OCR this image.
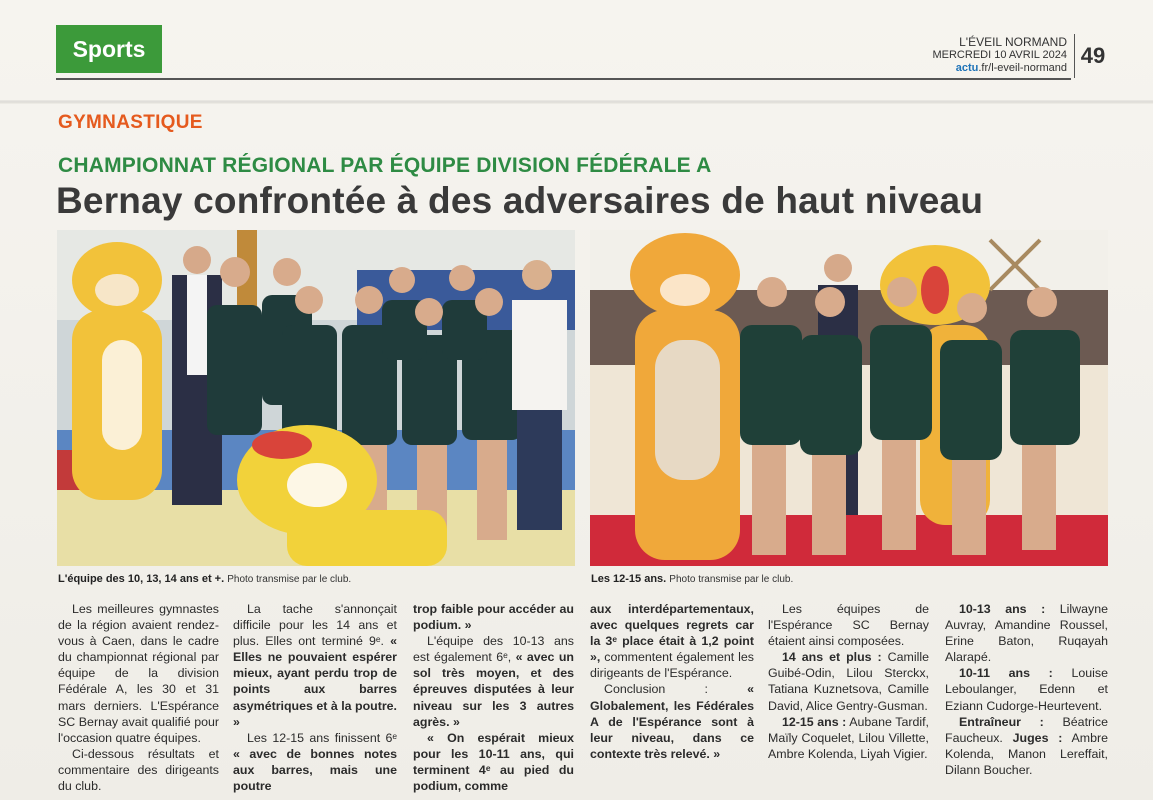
Sports	L'ÉVEIL NORMAND
MERCREDI 10 AVRIL 2024
actu.fr/l-eveil-normand 49
GYMNASTIQUE
CHAMPIONNAT RÉGIONAL PAR ÉQUIPE DIVISION FÉDÉRALE A
Bernay confrontée à des adversaires de haut niveau
L'équipe des 10, 13, 14 ans et +. Photo transmise par le club.	Les 12-15 ans. Photo transmise par le club.

Les meilleures gymnastes de la région avaient rendez-vous à Caen, dans le cadre du championnat régional par équipe de la division Fédérale A, les 30 et 31 mars derniers. L'Espérance SC Bernay avait qualifié pour l'occasion quatre équipes.

Ci-dessous résultats et commentaire des dirigeants du club.

La tache s'annonçait difficile pour les 14 ans et plus. Elles ont terminé 9ᵉ. « Elles ne pouvaient espérer mieux, ayant perdu trop de points aux barres asymétriques et à la poutre. »

Les 12-15 ans finissent 6ᵉ « avec de bonnes notes aux barres, mais une poutre

trop faible pour accéder au podium. »

L'équipe des 10-13 ans est également 6ᵉ, « avec un sol très moyen, et des épreuves disputées à leur niveau sur les 3 autres agrès. »

« On espérait mieux pour les 10-11 ans, qui terminent 4ᵉ au pied du podium, comme

aux interdépartementaux, avec quelques regrets car la 3ᵉ place était à 1,2 point », commentent également les dirigeants de l'Espérance.

Conclusion :	« Globalement, les Fédérales A de l'Espérance sont à leur niveau, dans ce contexte très relevé. »

Les équipes de l'Espérance SC Bernay étaient ainsi composées.

14 ans et plus : Camille Guibé-Odin, Lilou Sterckx, Tatiana Kuznetsova, Camille David, Alice Gentry-Gusman.

12-15 ans : Aubane Tardif, Maïly Coquelet, Lilou Villette, Ambre Kolenda, Liyah Vigier.

10-13 ans : Lilwayne Auvray, Amandine Roussel, Erine Baton, Ruqayah Alarapé.

10-11 ans : Louise Leboulanger, Edenn et Ezіann Cudorge-Heurtevent.

Entraîneur : Béatrice Faucheux. Juges : Ambre Kolenda, Manon Lereffait, Dilann Boucher.
